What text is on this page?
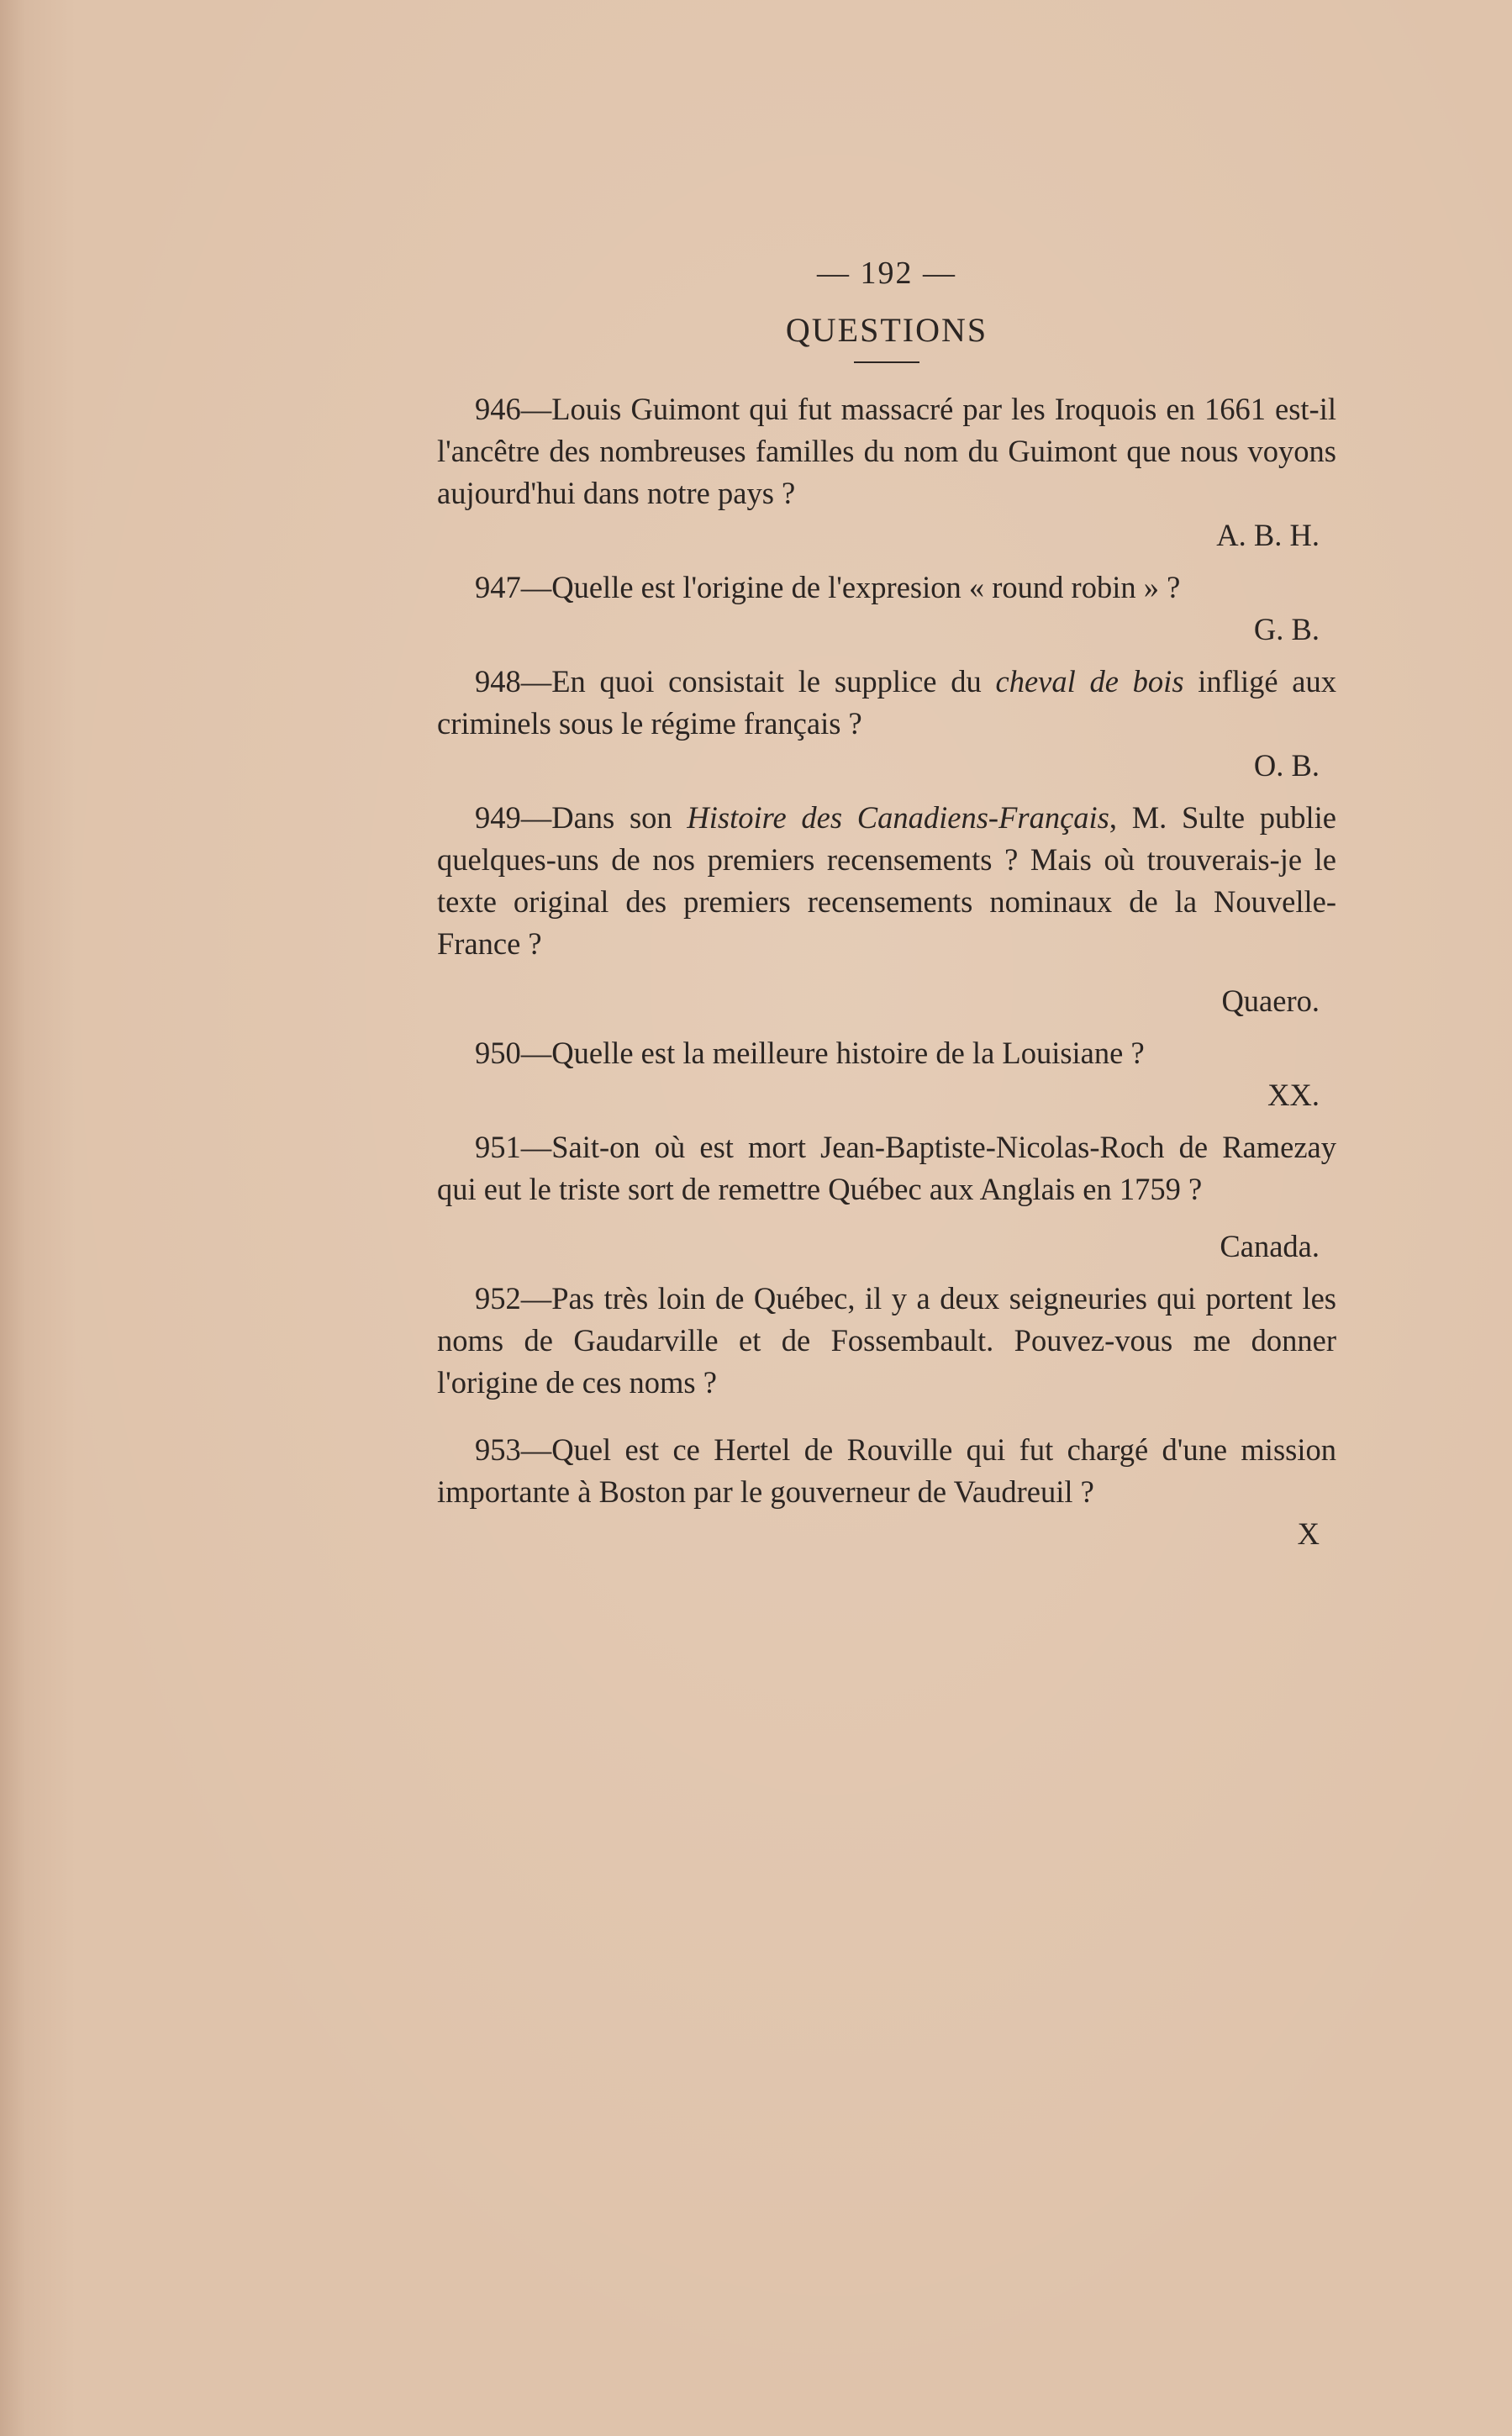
— 192 —
QUESTIONS

946—Louis Guimont qui fut massacré par les Iroquois en 1661 est-il l'ancêtre des nombreuses familles du nom du Guimont que nous voyons aujourd'hui dans notre pays ?

A. B. H.

947—Quelle est l'origine de l'expresion « round robin » ?

G. B.

948—En quoi consistait le supplice du cheval de bois infligé aux criminels sous le régime français ?

O. B.

949—Dans son Histoire des Canadiens-Français, M. Sulte publie quelques-uns de nos premiers recensements ? Mais où trouverais-je le texte original des premiers recensements nominaux de la Nouvelle-France ?

Quaero.

950—Quelle est la meilleure histoire de la Louisiane ?

XX.

951—Sait-on où est mort Jean-Baptiste-Nicolas-Roch de Ramezay qui eut le triste sort de remettre Québec aux Anglais en 1759 ?

Canada.

952—Pas très loin de Québec, il y a deux seigneuries qui portent les noms de Gaudarville et de Fossembault. Pouvez-vous me donner l'origine de ces noms ?

953—Quel est ce Hertel de Rouville qui fut chargé d'une mission importante à Boston par le gouverneur de Vaudreuil ?

X
